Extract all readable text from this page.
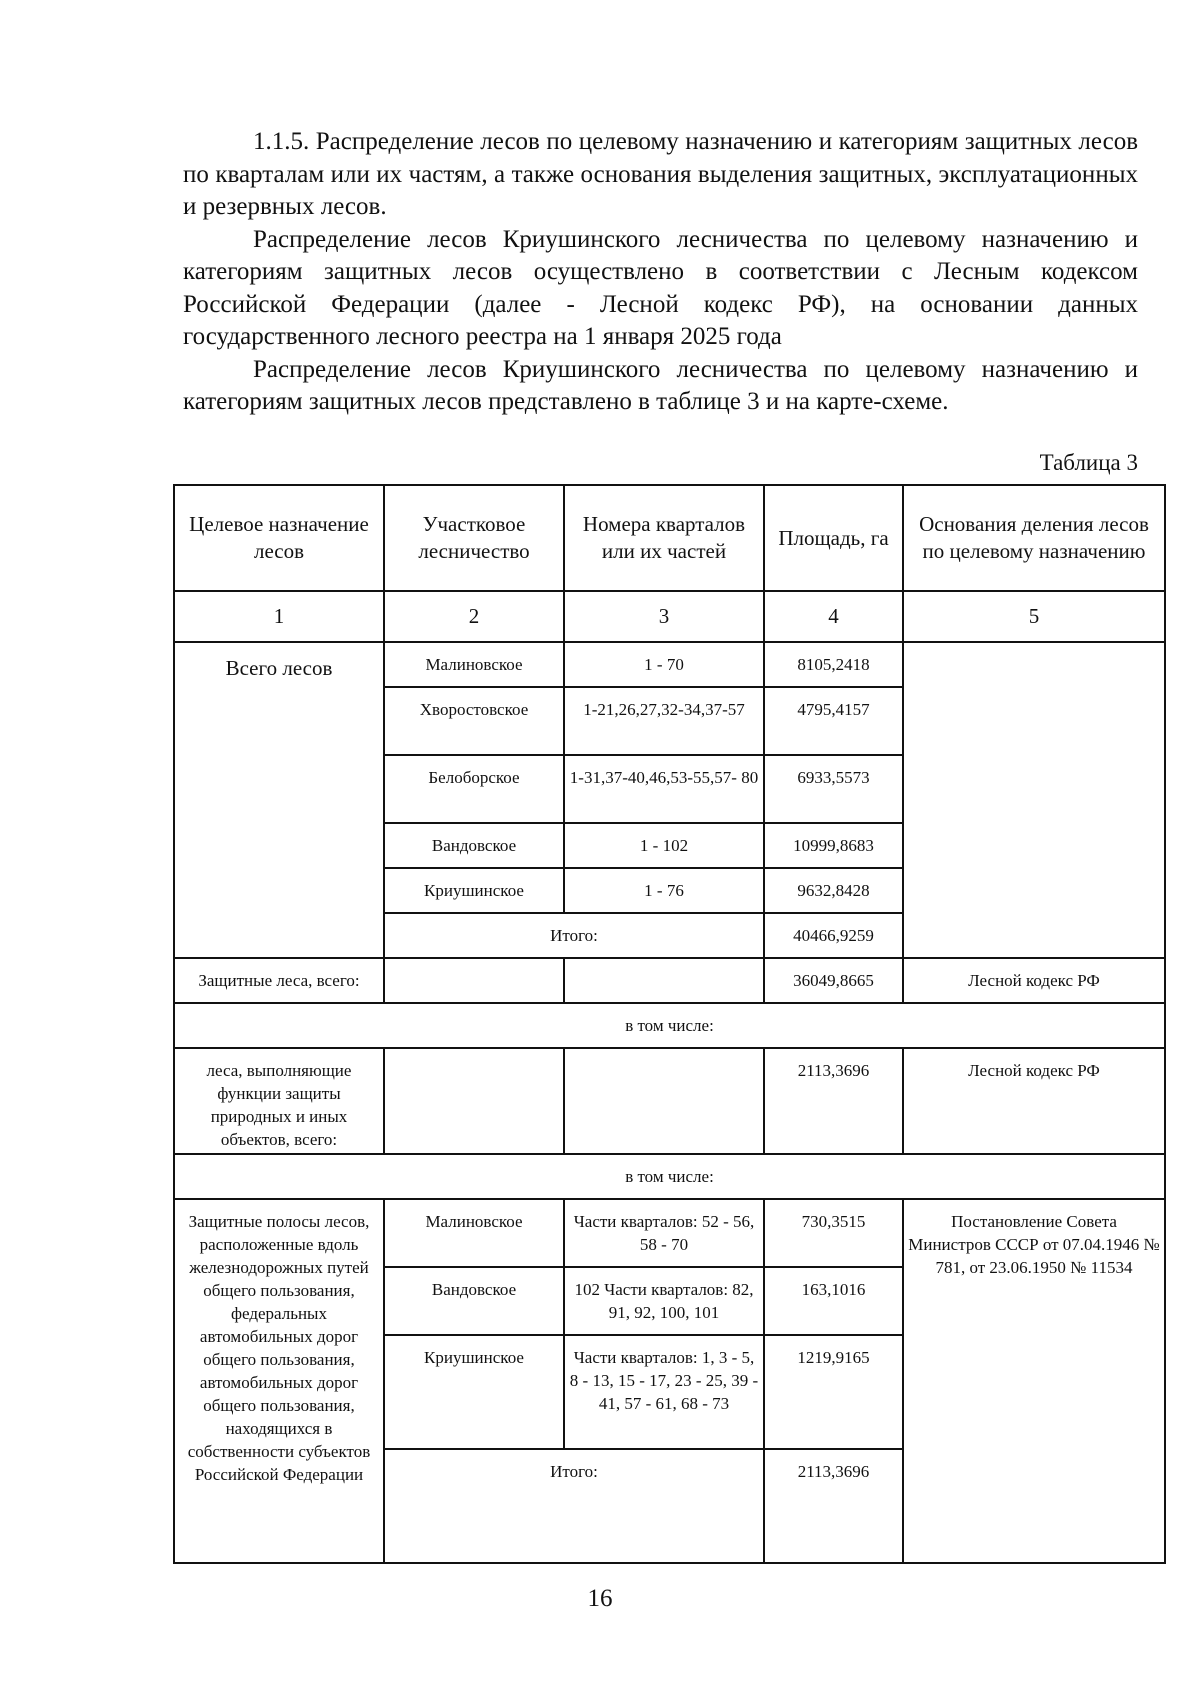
1.1.5. Распределение лесов по целевому назначению и категориям защитных лесов по кварталам или их частям, а также основания выделения защитных, эксплуатационных и резервных лесов.

Распределение лесов Криушинского лесничества по целевому назначению и категориям защитных лесов осуществлено в соответствии с Лесным кодексом Российской Федерации (далее - Лесной кодекс РФ), на основании данных государственного лесного реестра на 1 января 2025 года

Распределение лесов Криушинского лесничества по целевому назначению и категориям защитных лесов представлено в таблице 3 и на карте-схеме.

Таблица 3
Целевое назначение лесов	Участковое лесничество	Номера кварталов или их частей	Площадь, га	Основания деления лесов по целевому назначению
1	2	3	4	5
Всего лесов	Малиновское	1 - 70	8105,2418	
	Хворостовское	1-21,26,27,32-34,37-57	4795,4157	
	Белоборское	1-31,37-40,46,53-55,57- 80	6933,5573	
	Вандовское	1 - 102	10999,8683	
	Криушинское	1 - 76	9632,8428	
	Итого:		40466,9259	
Защитные леса, всего:			36049,8665	Лесной кодекс РФ
в том числе:				
леса, выполняющие функции защиты природных и иных объектов, всего:			2113,3696	Лесной кодекс РФ
в том числе:				
Защитные полосы лесов, расположенные вдоль железнодорожных путей общего пользования, федеральных автомобильных дорог общего пользования, автомобильных дорог общего пользования, находящихся в собственности субъектов Российской Федерации	Малиновское	Части кварталов: 52 - 56, 58 - 70	730,3515	Постановление Совета Министров СССР от 07.04.1946 № 781, от 23.06.1950 № 11534
	Вандовское	102 Части кварталов: 82, 91, 92, 100, 101	163,1016	
	Криушинское	Части кварталов: 1, 3 - 5, 8 - 13, 15 - 17, 23 - 25, 39 - 41, 57 - 61, 68 - 73	1219,9165	
	Итого:		2113,3696	
16
